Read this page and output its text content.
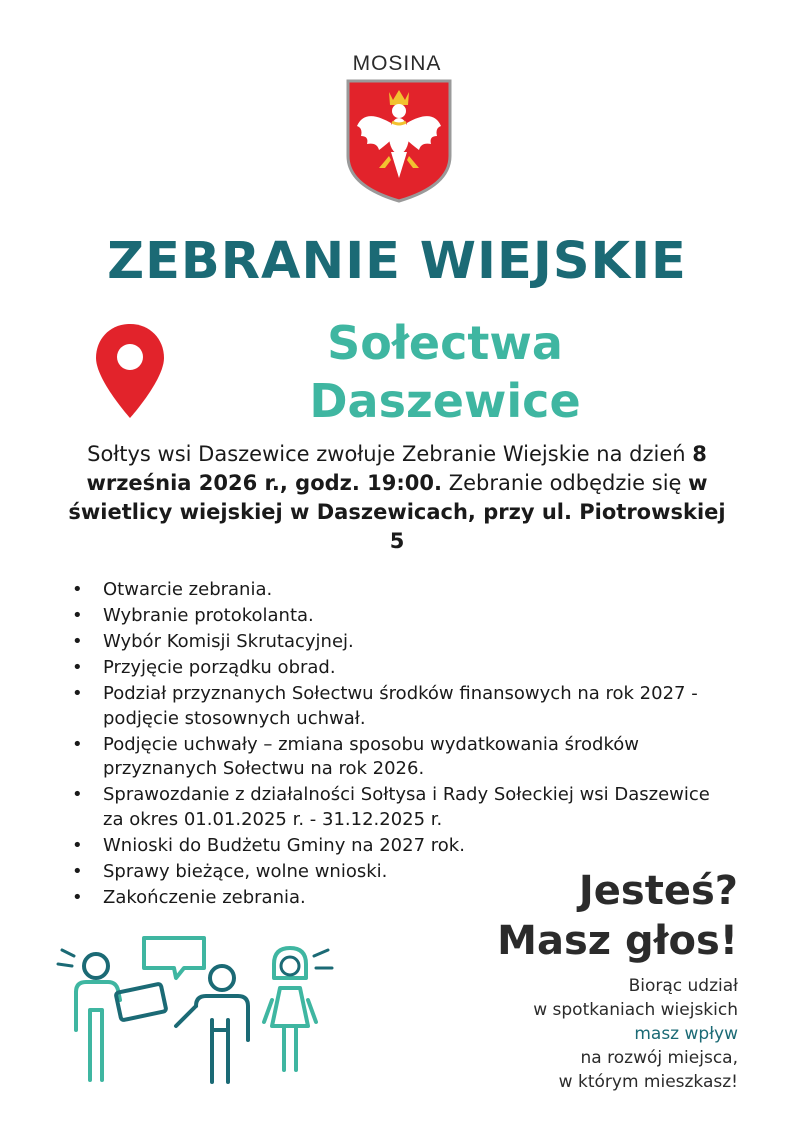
MOSINA
ZEBRANIE WIEJSKIE
Sołectwa
Daszewice
Sołtys wsi Daszewice zwołuje Zebranie Wiejskie na dzień 8 września 2026 r., godz. 19:00. Zebranie odbędzie się w świetlicy wiejskiej w Daszewicach, przy ul. Piotrowskiej 5
• Otwarcie zebrania.
• Wybranie protokolanta.
• Wybór Komisji Skrutacyjnej.
• Przyjęcie porządku obrad.
• Podział przyznanych Sołectwu środków finansowych na rok 2027 - podjęcie stosownych uchwał.
• Podjęcie uchwały – zmiana sposobu wydatkowania środków przyznanych Sołectwu na rok 2026.
• Sprawozdanie z działalności Sołtysa i Rady Sołeckiej wsi Daszewice za okres 01.01.2025 r. - 31.12.2025 r.
• Wnioski do Budżetu Gminy na 2027 rok.
• Sprawy bieżące, wolne wnioski.
• Zakończenie zebrania.	Jesteś?
Masz głos!
Biorąc udział
w spotkaniach wiejskich
masz wpływ
na rozwój miejsca,
w którym mieszkasz!
